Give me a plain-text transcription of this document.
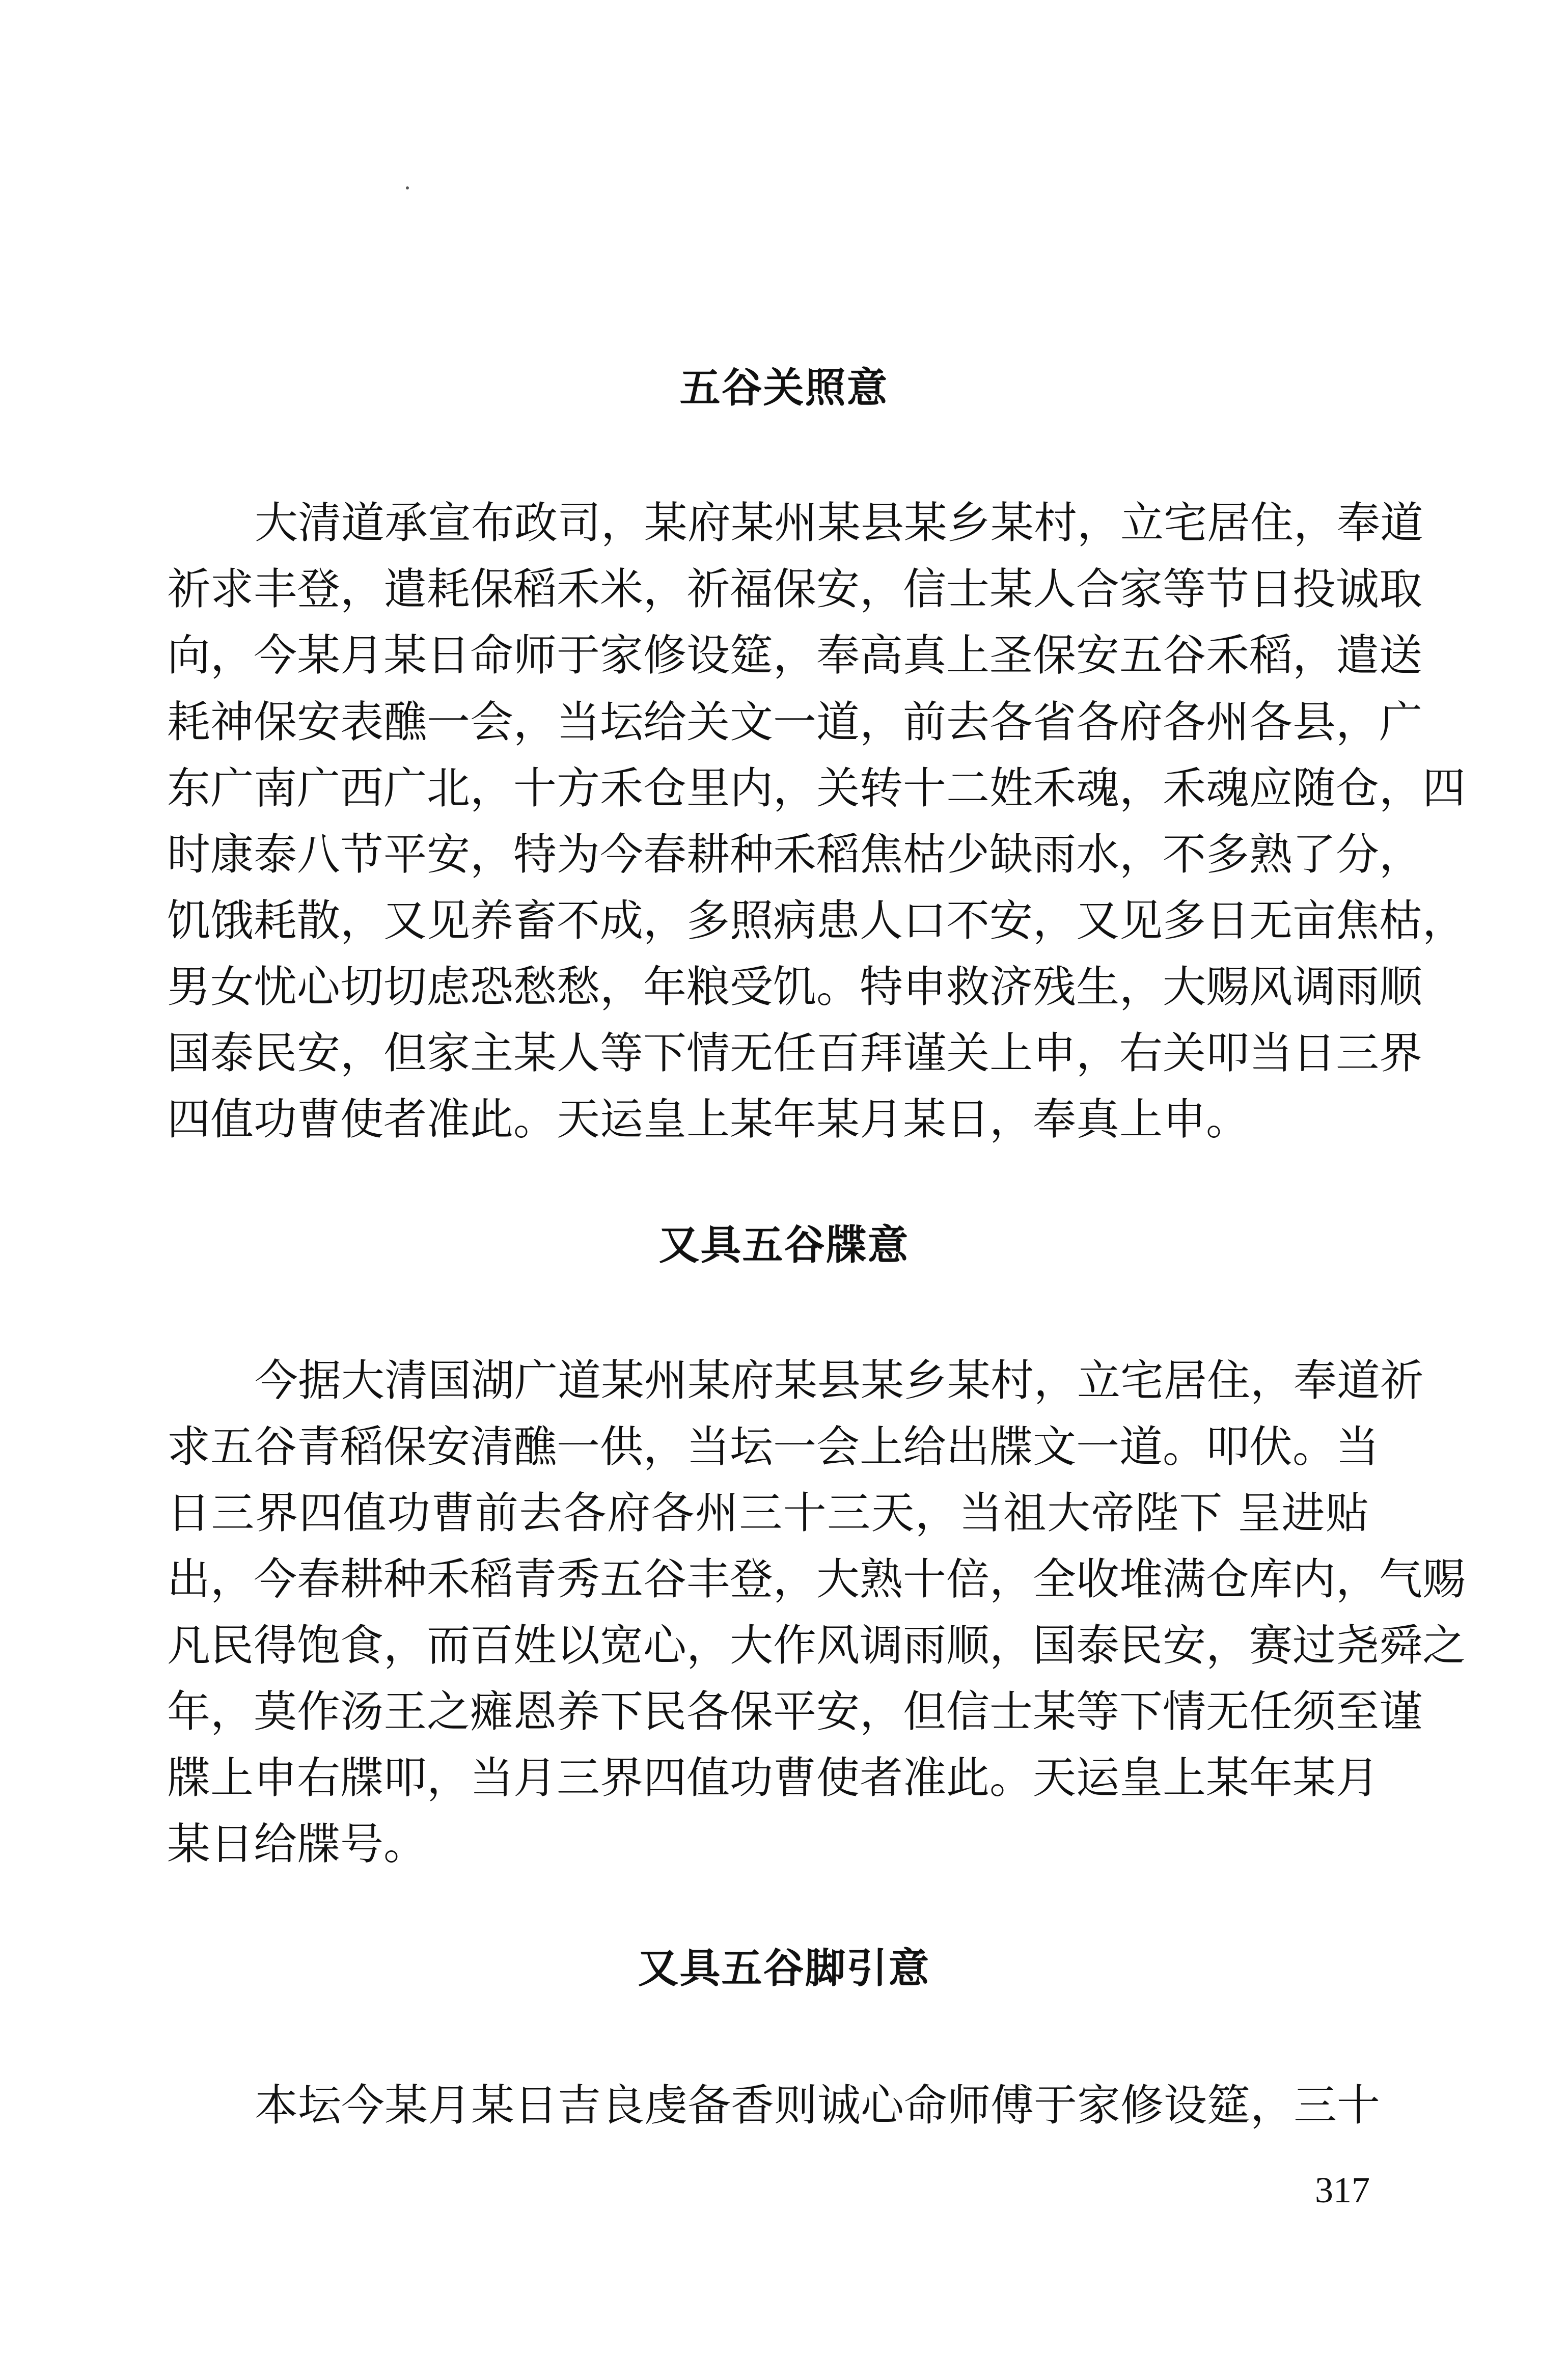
五谷关照意
大清道承宣布政司，某府某州某县某乡某村，立宅居住，奉道
祈求丰登，遣耗保稻禾米，祈福保安，信士某人合家等节日投诚取
向，今某月某日命师于家修设筵，奉高真上圣保安五谷禾稻，遣送
耗神保安表醮一会，当坛给关文一道，前去各省各府各州各县，广
东广南广西广北，十方禾仓里内，关转十二姓禾魂，禾魂应随仓，四
时康泰八节平安，特为今春耕种禾稻焦枯少缺雨水，不多熟了分，
饥饿耗散，又见养畜不成，多照病患人口不安，又见多日无亩焦枯，
男女忧心切切虑恐愁愁，年粮受饥。特申救济残生，大赐风调雨顺
国泰民安，但家主某人等下情无任百拜谨关上申，右关叩当日三界
四值功曹使者准此。天运皇上某年某月某日，奉真上申。
又具五谷牒意
今据大清国湖广道某州某府某县某乡某村，立宅居住，奉道祈
求五谷青稻保安清醮一供，当坛一会上给出牒文一道。叩伏。当
日三界四值功曹前去各府各州三十三天，当祖大帝陛下 呈进贴
出，今春耕种禾稻青秀五谷丰登，大熟十倍，全收堆满仓库内，气赐
凡民得饱食，而百姓以宽心，大作风调雨顺，国泰民安，赛过尧舜之
年，莫作汤王之瘫恩养下民各保平安，但信士某等下情无任须至谨
牒上申右牒叩，当月三界四值功曹使者准此。天运皇上某年某月
某日给牒号。
又具五谷脚引意
本坛今某月某日吉良虔备香则诚心命师傅于家修设筵，三十
317
